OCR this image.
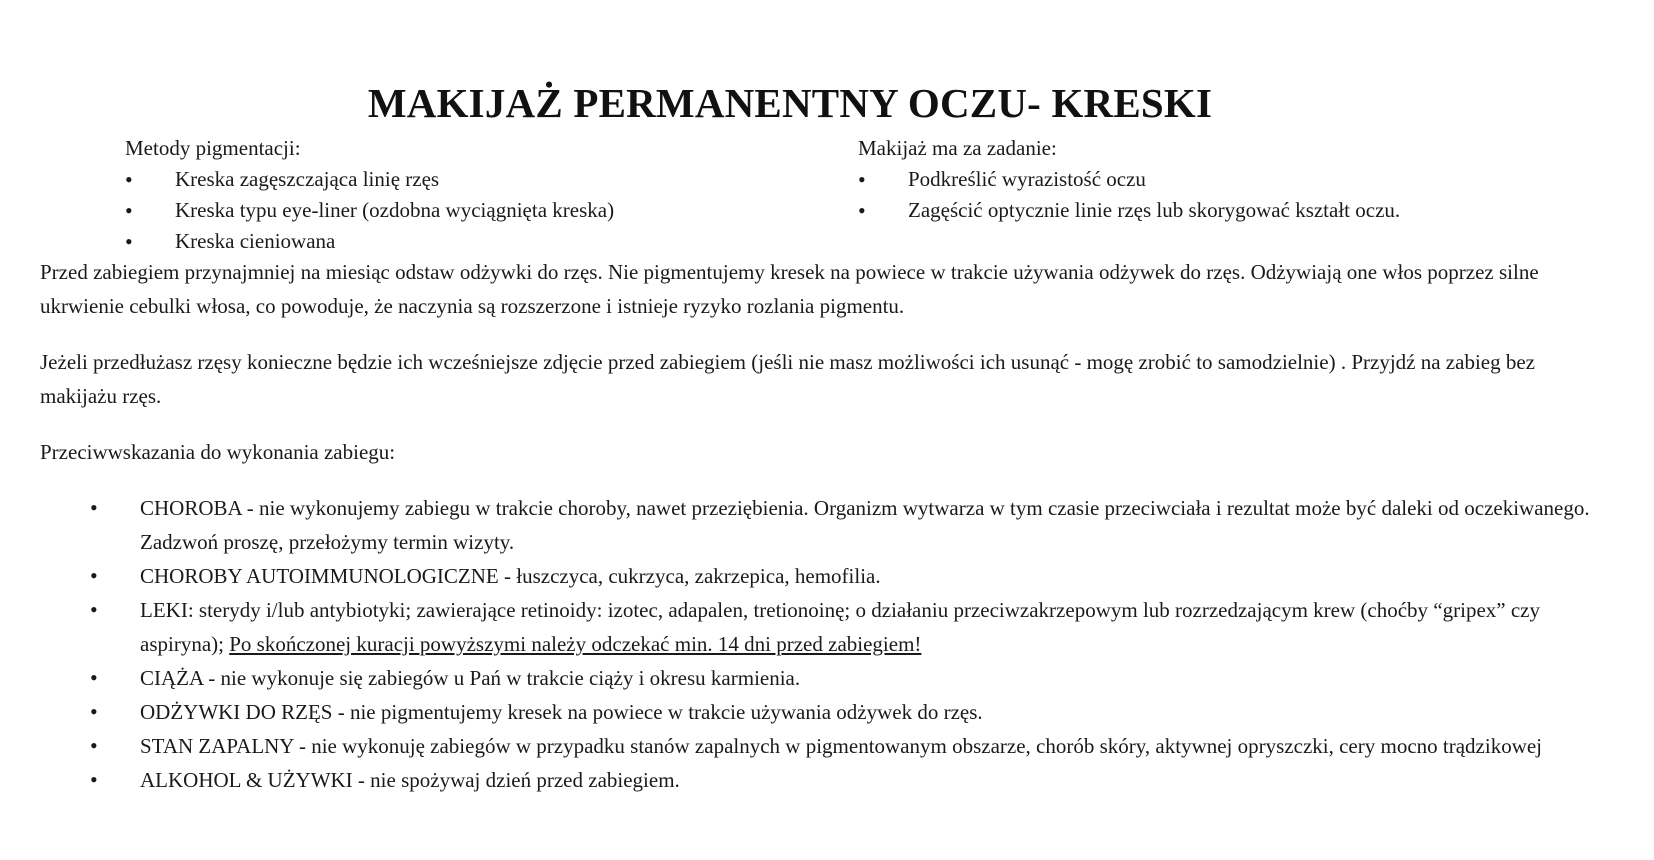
MAKIJAŻ PERMANENTNY OCZU- KRESKI

Metody pigmentacji:

• Kreska zagęszczająca linię rzęs
• Kreska typu eye-liner (ozdobna wyciągnięta kreska)
• Kreska cieniowana

Makijaż ma za zadanie:

• Podkreślić wyrazistość oczu
• Zagęścić optycznie linie rzęs lub skorygować kształt oczu.

Przed zabiegiem przynajmniej na miesiąc odstaw odżywki do rzęs. Nie pigmentujemy kresek na powiece w trakcie używania odżywek do rzęs. Odżywiają one włos poprzez silne ukrwienie cebulki włosa, co powoduje, że naczynia są rozszerzone i istnieje ryzyko rozlania pigmentu.

Jeżeli przedłużasz rzęsy konieczne będzie ich wcześniejsze zdjęcie przed zabiegiem (jeśli nie masz możliwości ich usunąć - mogę zrobić to samodzielnie) . Przyjdź na zabieg bez makijażu rzęs.

Przeciwwskazania do wykonania zabiegu:

• CHOROBA - nie wykonujemy zabiegu w trakcie choroby, nawet przeziębienia. Organizm wytwarza w tym czasie przeciwciała i rezultat może być daleki od oczekiwanego. Zadzwoń proszę, przełożymy termin wizyty.
• CHOROBY AUTOIMMUNOLOGICZNE - łuszczyca, cukrzyca, zakrzepica, hemofilia.
• LEKI: sterydy i/lub antybiotyki; zawierające retinoidy: izotec, adapalen, tretionoinę; o działaniu przeciwzakrzepowym lub rozrzedzającym krew (choćby “gripex” czy aspiryna); Po skończonej kuracji powyższymi należy odczekać min. 14 dni przed zabiegiem!
• CIĄŻA - nie wykonuje się zabiegów u Pań w trakcie ciąży i okresu karmienia.
• ODŻYWKI DO RZĘS - nie pigmentujemy kresek na powiece w trakcie używania odżywek do rzęs.
• STAN ZAPALNY - nie wykonuję zabiegów w przypadku stanów zapalnych w pigmentowanym obszarze, chorób skóry, aktywnej opryszczki, cery mocno trądzikowej
• ALKOHOL & UŻYWKI - nie spożywaj dzień przed zabiegiem.
